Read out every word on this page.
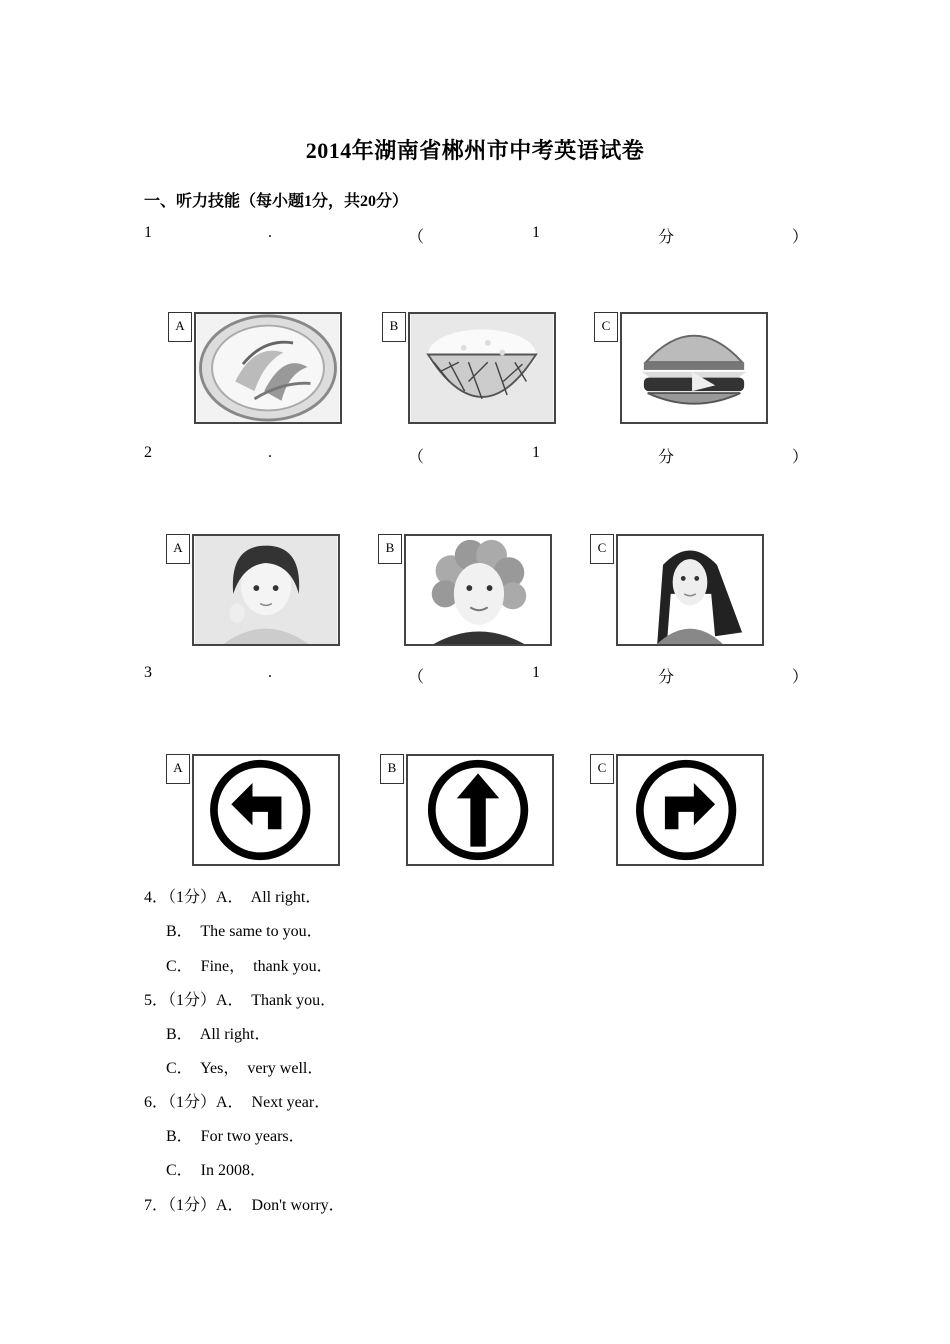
2014年湖南省郴州市中考英语试卷
一、听力技能（每小题1分，共20分）
1	.	（	1	分	）
A	B	C
2	.	（	1	分	）
A	B	C
3	.	（	1	分	）
A	B	C
4．（1分）A．  All right．
B．  The same to you．
C．  Fine，  thank you．
5．（1分）A．  Thank you．
B．  All right．
C．  Yes，  very well．
6．（1分）A．  Next year．
B．  For two years．
C．  In 2008．
7．（1分）A．  Don't worry．
